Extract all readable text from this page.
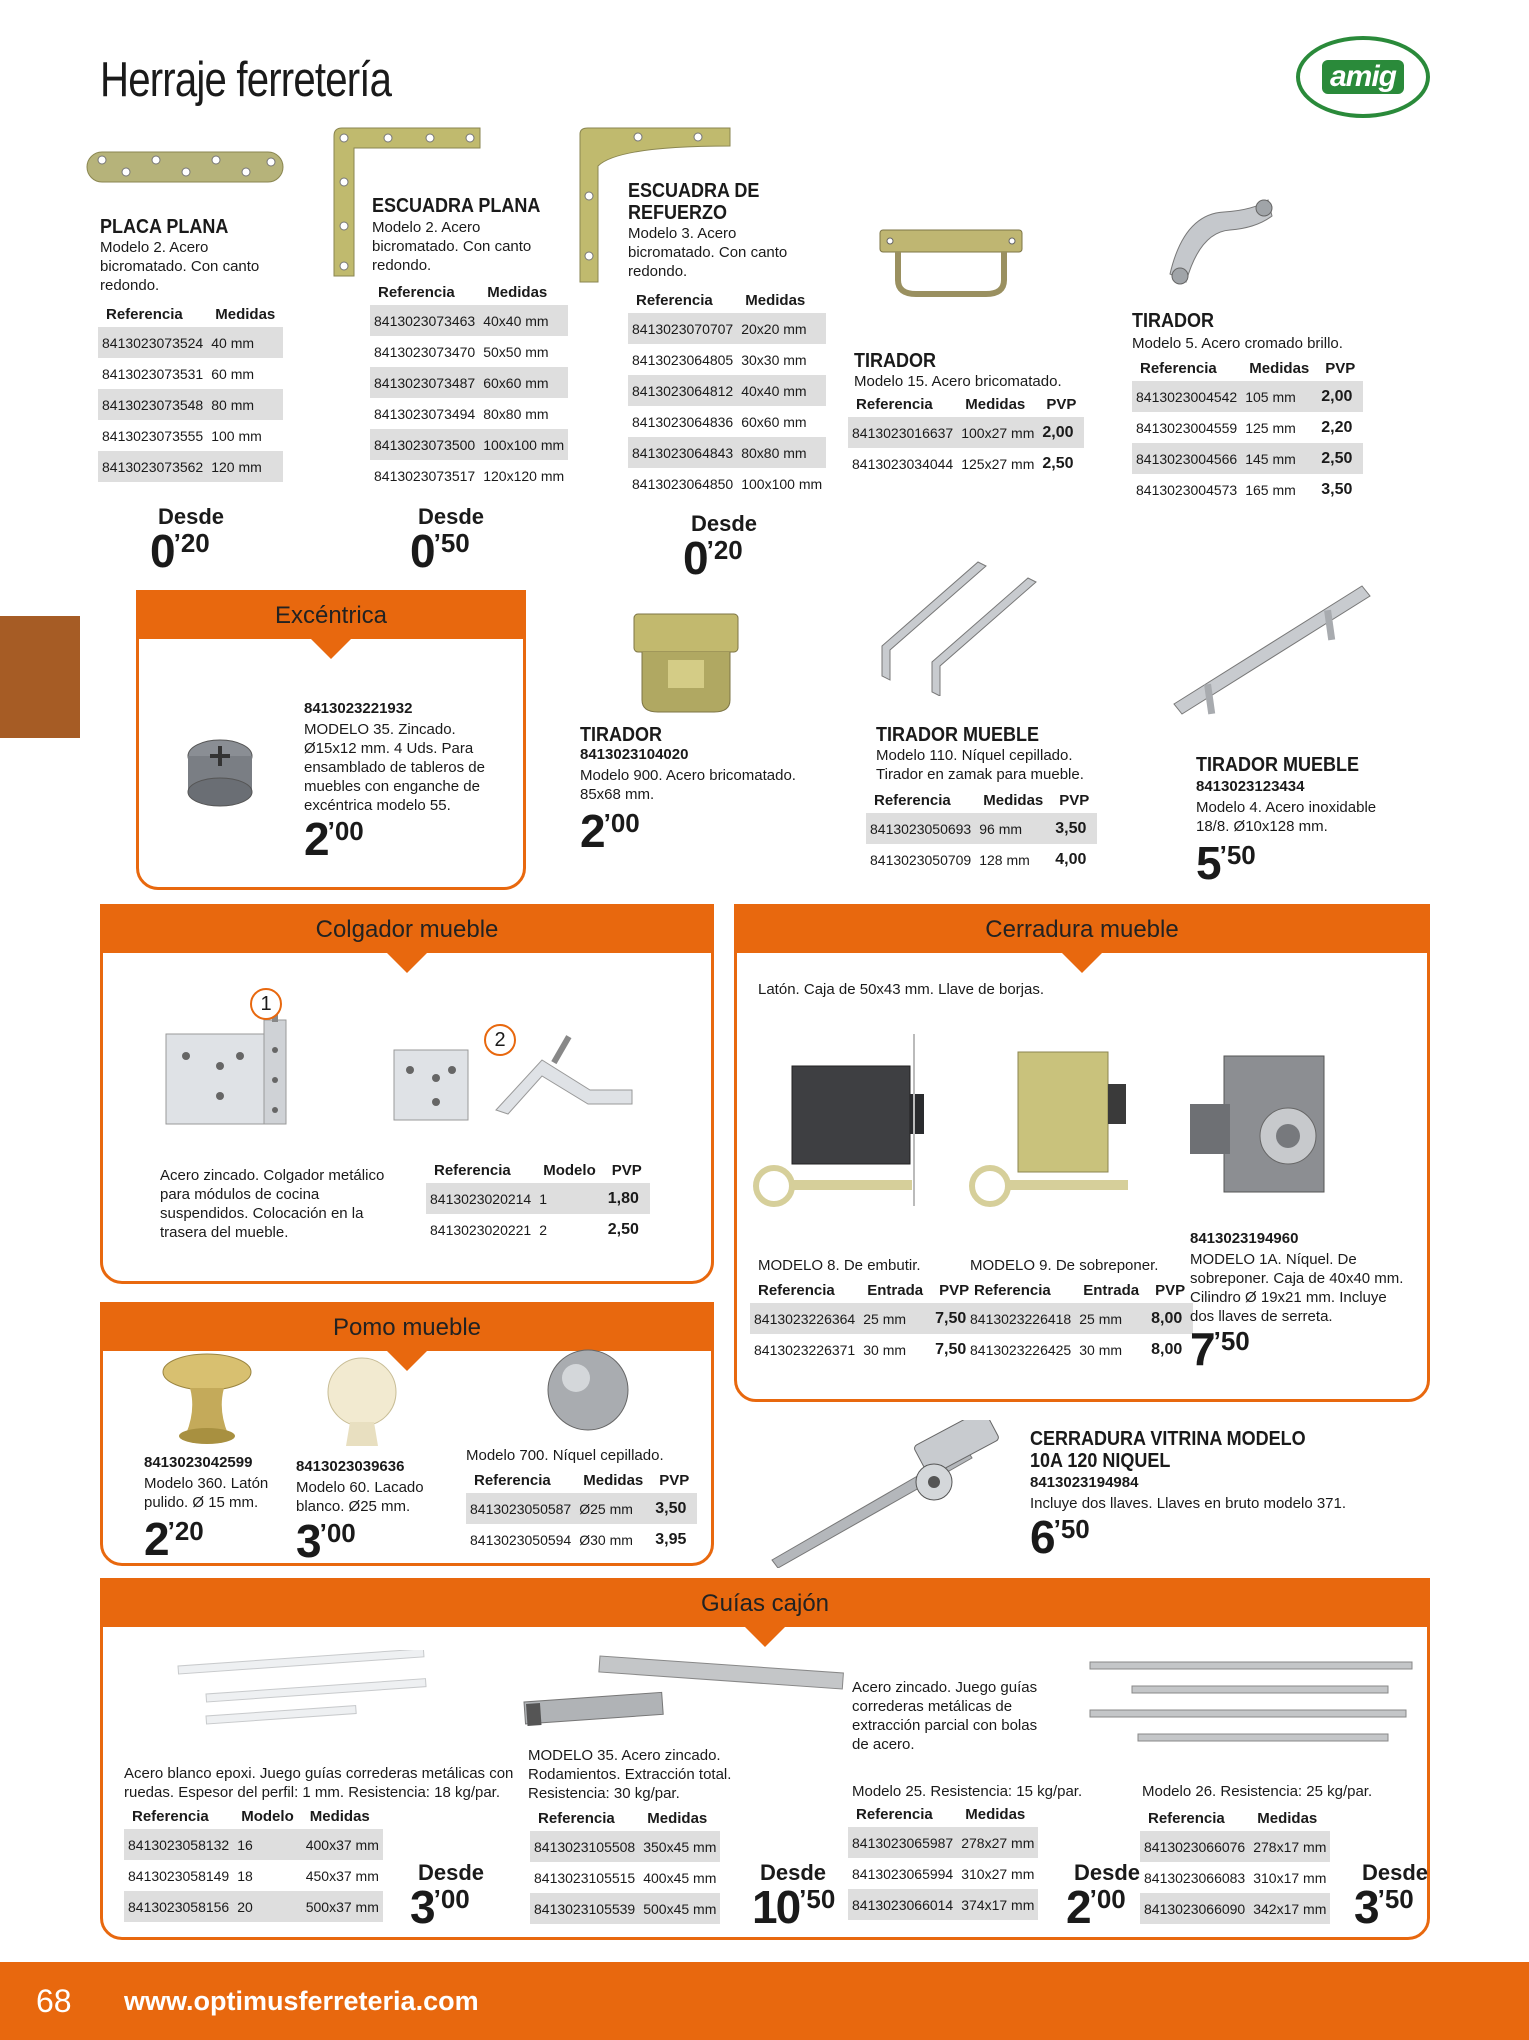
Herraje ferretería	amig
PLACA PLANA
Modelo 2. Acero bicromatado. Con canto redondo.
Referencia	Medidas
8413023073524	40 mm
8413023073531	60 mm
8413023073548	80 mm
8413023073555	100 mm
8413023073562	120 mm
Desde
0’20
ESCUADRA PLANA
Modelo 2. Acero bicromatado. Con canto redondo.
Referencia	Medidas
8413023073463	40x40 mm
8413023073470	50x50 mm
8413023073487	60x60 mm
8413023073494	80x80 mm
8413023073500	100x100 mm
8413023073517	120x120 mm
Desde
0’50
ESCUADRA DE REFUERZO
Modelo 3. Acero bicromatado. Con canto redondo.
Referencia	Medidas
8413023070707	20x20 mm
8413023064805	30x30 mm
8413023064812	40x40 mm
8413023064836	60x60 mm
8413023064843	80x80 mm
8413023064850	100x100 mm
Desde
0’20
TIRADOR
Modelo 15. Acero bricomatado.
Referencia	Medidas	PVP
8413023016637	100x27 mm	2,00
8413023034044	125x27 mm	2,50
TIRADOR
Modelo 5. Acero cromado brillo.
Referencia	Medidas	PVP
8413023004542	105 mm	2,00
8413023004559	125 mm	2,20
8413023004566	145 mm	2,50
8413023004573	165 mm	3,50
Excéntrica
8413023221932
MODELO 35. Zincado. Ø15x12 mm. 4 Uds. Para ensamblado de tableros de muebles con enganche de excéntrica modelo 55.
2’00
TIRADOR
8413023104020
Modelo 900. Acero bricomatado. 85x68 mm.
2’00
TIRADOR MUEBLE
Modelo 110. Níquel cepillado. Tirador en zamak para mueble.
Referencia	Medidas	PVP
8413023050693	96 mm	3,50
8413023050709	128 mm	4,00
TIRADOR MUEBLE
8413023123434
Modelo 4. Acero inoxidable 18/8. Ø10x128 mm.
5’50
Colgador mueble
1
2
Acero zincado. Colgador metálico para módulos de cocina suspendidos. Colocación en la trasera del mueble.
Referencia	Modelo	PVP
8413023020214	1	1,80
8413023020221	2	2,50
Cerradura mueble
Latón. Caja de 50x43 mm. Llave de borjas.
MODELO 8. De embutir.	MODELO 9. De sobreponer.
Referencia	Entrada	PVP
8413023226364	25 mm	7,50
8413023226371	30 mm	7,50
Referencia	Entrada	PVP
8413023226418	25 mm	8,00
8413023226425	30 mm	8,00
8413023194960
MODELO 1A. Níquel. De sobreponer. Caja de 40x40 mm. Cilindro Ø 19x21 mm. Incluye dos llaves de serreta.
7’50
Pomo mueble
8413023042599
Modelo 360. Latón pulido. Ø 15 mm.
2’20
8413023039636
Modelo 60. Lacado blanco. Ø25 mm.
3’00
Modelo 700. Níquel cepillado.
Referencia	Medidas	PVP
8413023050587	Ø25 mm	3,50
8413023050594	Ø30 mm	3,95
CERRADURA VITRINA MODELO 10A 120 NIQUEL
8413023194984
Incluye dos llaves. Llaves en bruto modelo 371.
6’50
Guías cajón
Acero blanco epoxi. Juego guías correderas metálicas con ruedas. Espesor del perfil: 1 mm. Resistencia: 18 kg/par.
Referencia	Modelo	Medidas
8413023058132	16	400x37 mm
8413023058149	18	450x37 mm
8413023058156	20	500x37 mm
Desde
3’00
MODELO 35. Acero zincado. Rodamientos. Extracción total. Resistencia: 30 kg/par.
Referencia	Medidas
8413023105508	350x45 mm
8413023105515	400x45 mm
8413023105539	500x45 mm
Desde
10’50
Acero zincado. Juego guías correderas metálicas de extracción parcial con bolas de acero.
Modelo 25. Resistencia: 15 kg/par.
Referencia	Medidas
8413023065987	278x27 mm
8413023065994	310x27 mm
8413023066014	374x17 mm
Desde
2’00
Modelo 26. Resistencia: 25 kg/par.
Referencia	Medidas
8413023066076	278x17 mm
8413023066083	310x17 mm
8413023066090	342x17 mm
Desde
3’50
68	www.optimusferreteria.com
